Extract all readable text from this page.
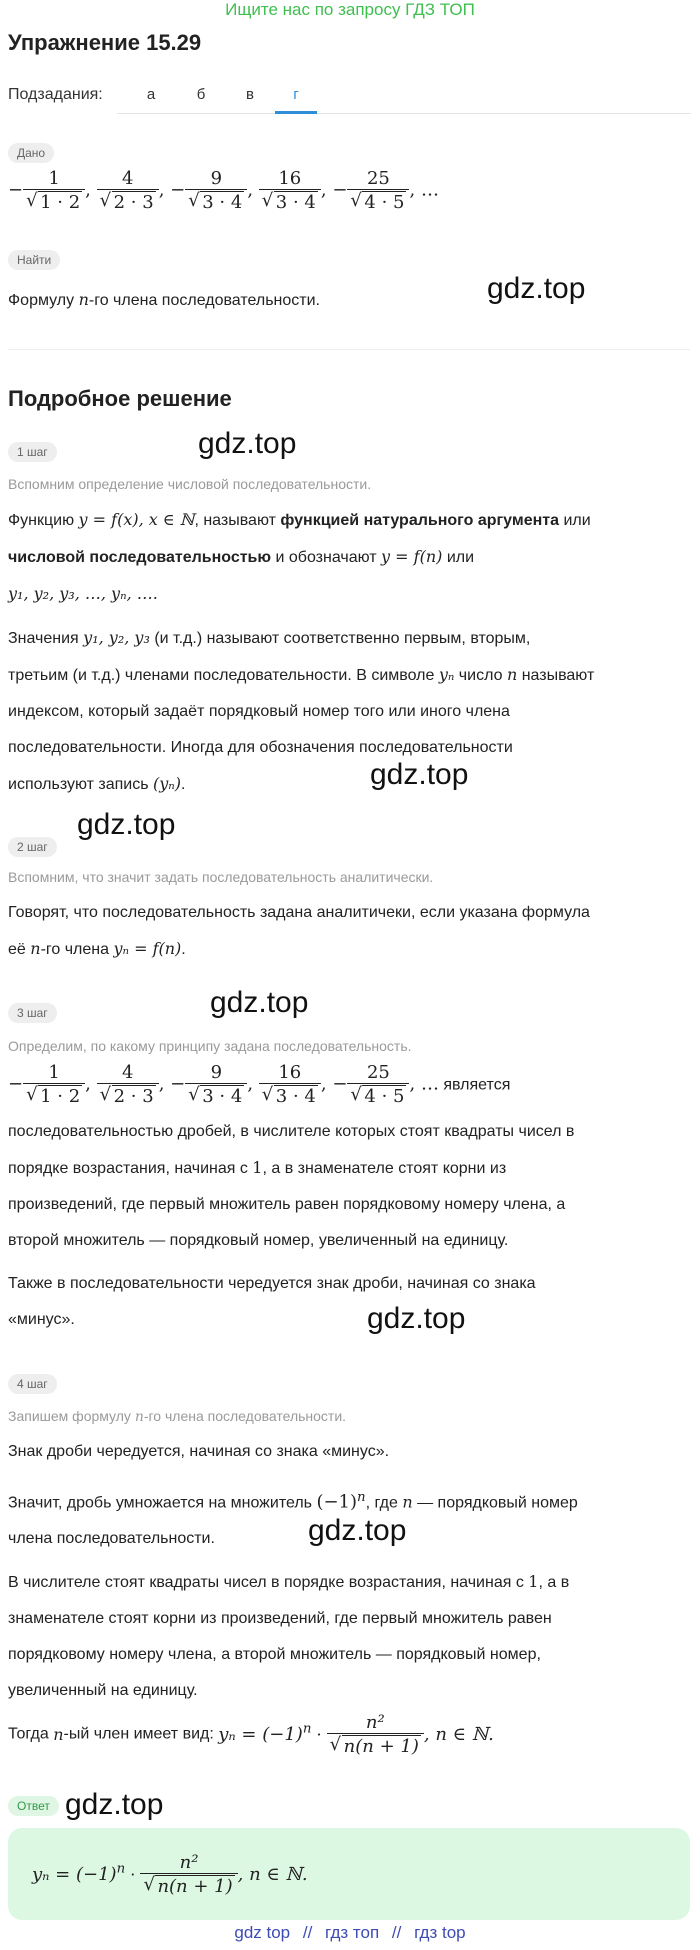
Ищите нас по запросу ГДЗ ТОП
Упражнение 15.29
Подзадания:	а	б	в	г
Дано
− 1
√ 1 · 2 , 4
√ 2 · 3 , − 9
√ 3 · 4 , 16
√ 3 · 4 , − 25
√ 4 · 5 , …
Найти
Формулу n-го члена последовательности.	gdz.top
Подробное решение
1 шаг	gdz.top
Вспомним определение числовой последовательности.
Функцию y = f(x), x ∈ ℕ, называют функцией натурального аргумента или
числовой последовательностью и обозначают y = f(n) или
y₁, y₂, y₃, …, yₙ, ….
Значения y₁, y₂, y₃ (и т.д.) называют соответственно первым, вторым,
третьим (и т.д.) членами последовательности. В символе yₙ число n называют
индексом, который задаёт порядковый номер того или иного члена
последовательности. Иногда для обозначения последовательности
используют запись (yₙ).	gdz.top
gdz.top
2 шаг
Вспомним, что значит задать последовательность аналитически.
Говорят, что последовательность задана аналитичеки, если указана формула
её n-го члена yₙ = f(n).
gdz.top
3 шаг
Определим, по какому принципу задана последовательность.
− 1
√ 1 · 2 , 4
√ 2 · 3 , − 9
√ 3 · 4 , 16
√ 3 · 4 , − 25
√ 4 · 5 , … является
последовательностью дробей, в числителе которых стоят квадраты чисел в
порядке возрастания, начиная с 1, а в знаменателе стоят корни из
произведений, где первый множитель равен порядковому номеру члена, а
второй множитель — порядковый номер, увеличенный на единицу.
Также в последовательности чередуется знак дроби, начиная со знака
«минус».	gdz.top
4 шаг
Запишем формулу n-го члена последовательности.
Знак дроби чередуется, начиная со знака «минус».
Значит, дробь умножается на множитель $(-1)^n$, где n — порядковый номер
члена последовательности.	gdz.top
В числителе стоят квадраты чисел в порядке возрастания, начиная с 1, а в
знаменателе стоят корни из произведений, где первый множитель равен
порядковому номеру члена, а второй множитель — порядковый номер,
увеличенный на единицу.
Тогда n-ый член имеет вид: $y_n = (-1)^n \cdot n^2$
√ n(n + 1) , n ∈ ℕ.
Ответ gdz.top
$y_n = (-1)^n \cdot n^2$
√ n(n + 1) , n ∈ ℕ.
gdz top // гдз топ // гдз top
